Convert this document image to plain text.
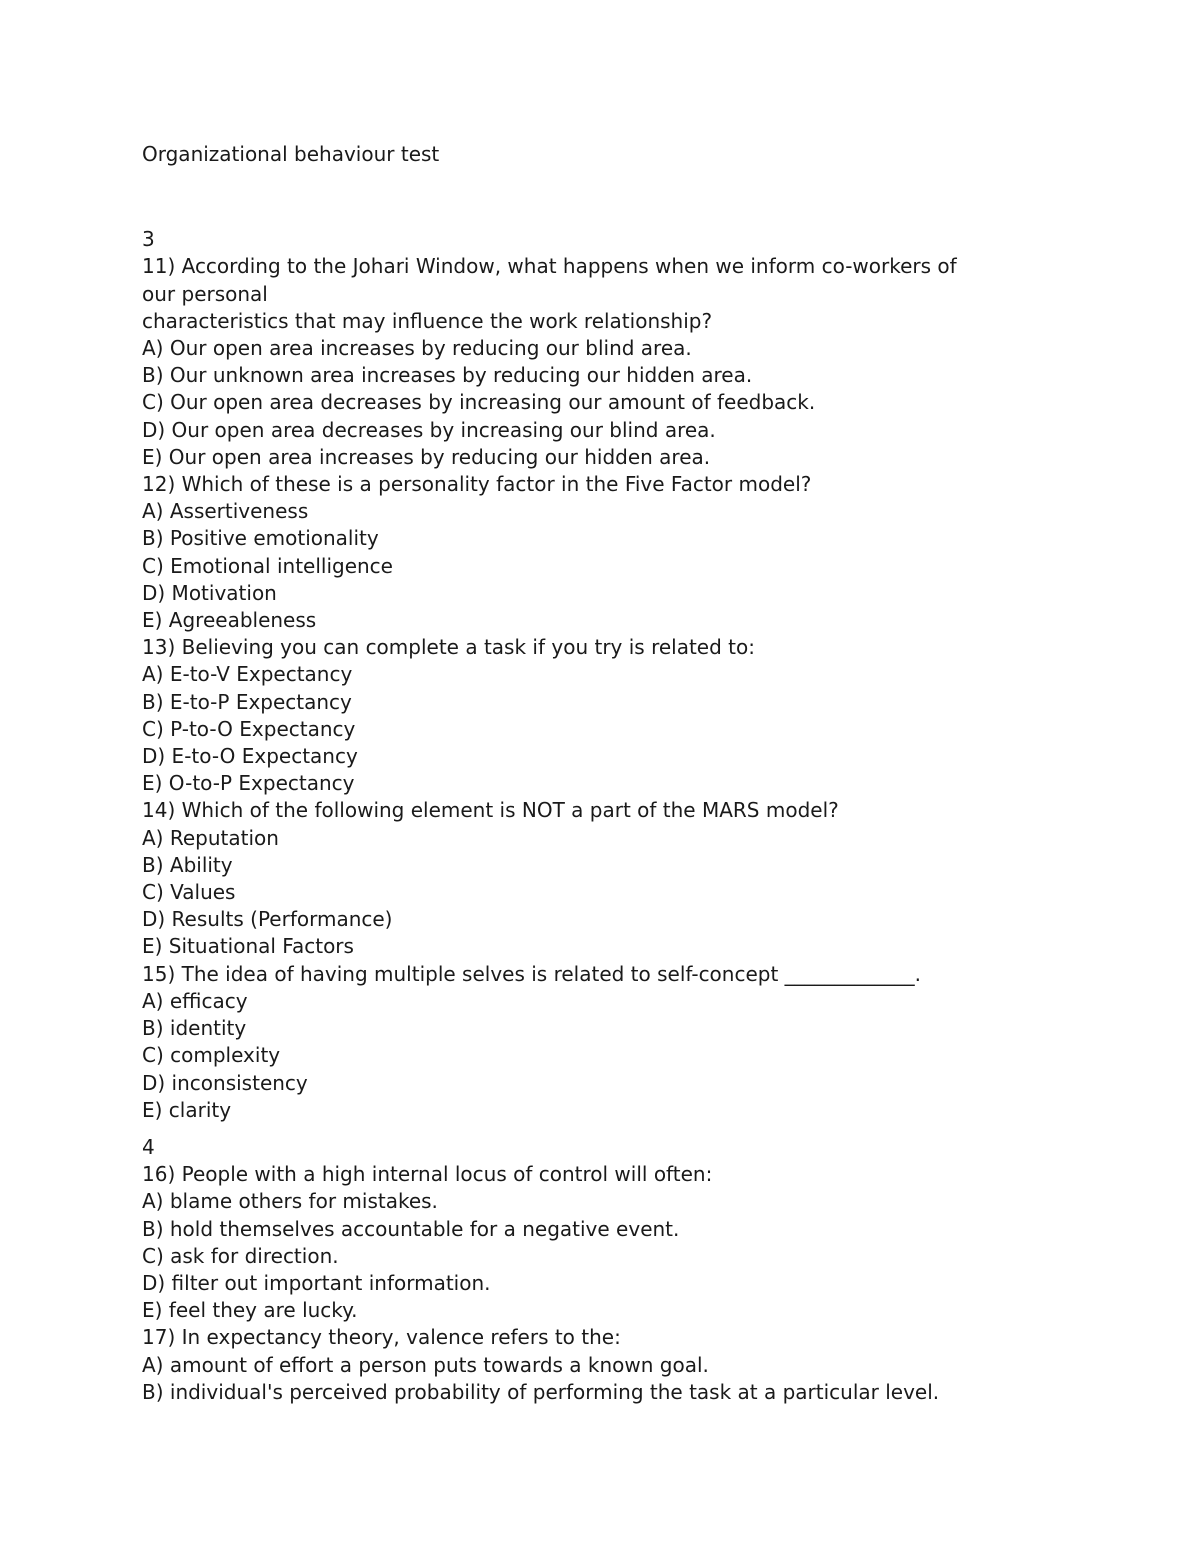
Organizational behaviour test
3
11) According to the Johari Window, what happens when we inform co-workers of
our personal
characteristics that may influence the work relationship?
A) Our open area increases by reducing our blind area.
B) Our unknown area increases by reducing our hidden area.
C) Our open area decreases by increasing our amount of feedback.
D) Our open area decreases by increasing our blind area.
E) Our open area increases by reducing our hidden area.
12) Which of these is a personality factor in the Five Factor model?
A) Assertiveness
B) Positive emotionality
C) Emotional intelligence
D) Motivation
E) Agreeableness
13) Believing you can complete a task if you try is related to:
A) E-to-V Expectancy
B) E-to-P Expectancy
C) P-to-O Expectancy
D) E-to-O Expectancy
E) O-to-P Expectancy
14) Which of the following element is NOT a part of the MARS model?
A) Reputation
B) Ability
C) Values
D) Results (Performance)
E) Situational Factors
15) The idea of having multiple selves is related to self-concept _____________.
A) efficacy
B) identity
C) complexity
D) inconsistency
E) clarity
4
16) People with a high internal locus of control will often:
A) blame others for mistakes.
B) hold themselves accountable for a negative event.
C) ask for direction.
D) filter out important information.
E) feel they are lucky.
17) In expectancy theory, valence refers to the:
A) amount of effort a person puts towards a known goal.
B) individual's perceived probability of performing the task at a particular level.
